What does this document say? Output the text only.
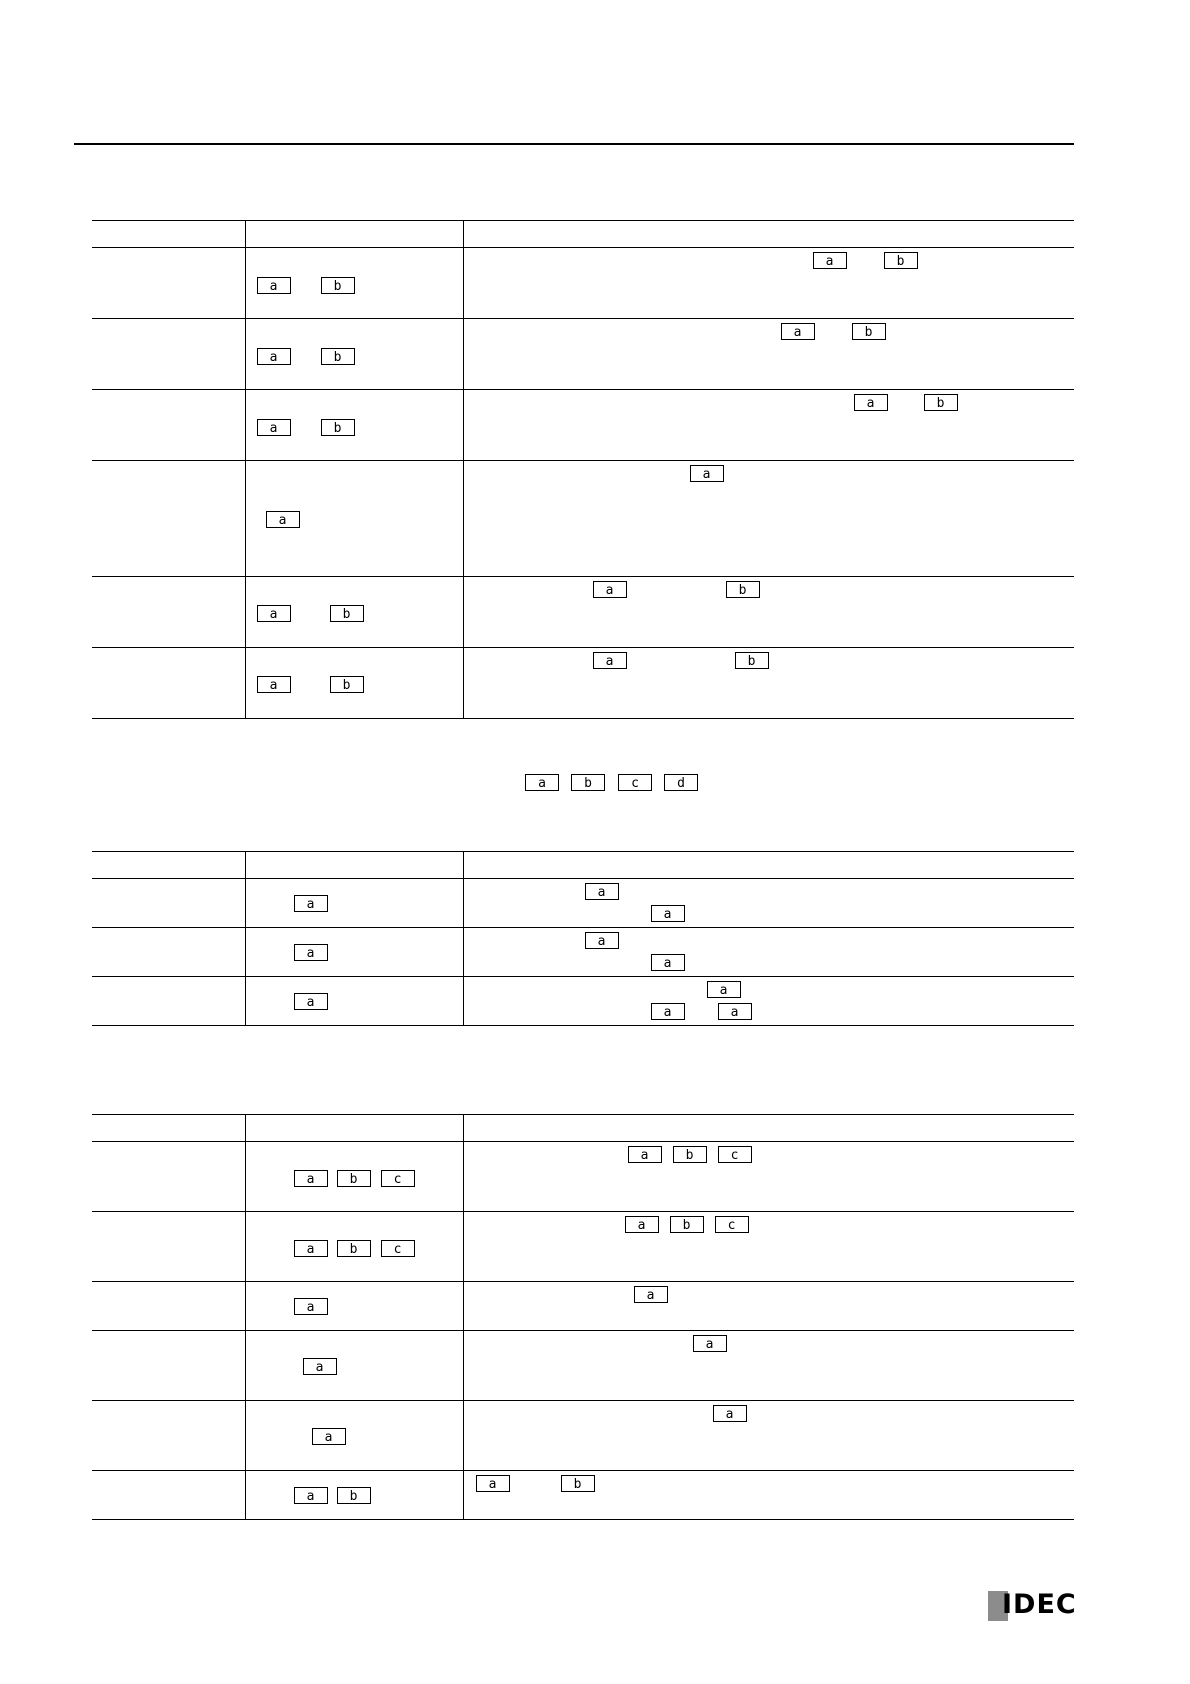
	a b	a b

	a b	a b

	a b	a b

	a	a

	a b	a b

	a b	a b
a	b	c	d

	a	a
a

	a	a
a

	a	a
a a

	a b c	a b c

	a b c	a b c

	a	a

	a	a

	a	a

	a b	a b
IDEC
